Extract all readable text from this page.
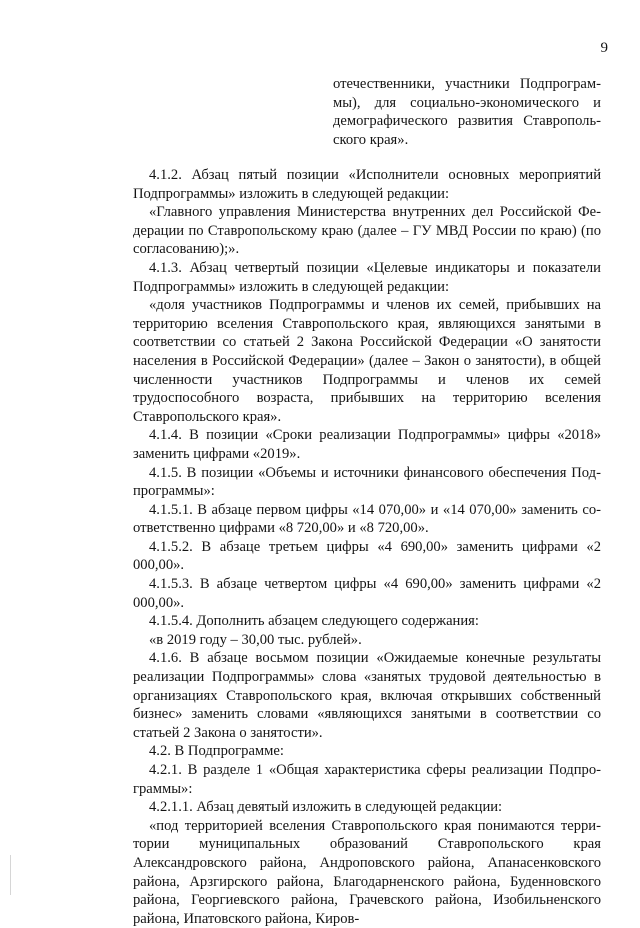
9
отечественники, участники Подпрограммы), для социально-экономического и демографического развития Ставропольского края».

4.1.2. Абзац пятый позиции «Исполнители основных мероприятий Подпрограммы» изложить в следующей редакции:

«Главного управления Министерства внутренних дел Российской Федерации по Ставропольскому краю (далее – ГУ МВД России по краю) (по согласованию);».

4.1.3. Абзац четвертый позиции «Целевые индикаторы и показатели Подпрограммы» изложить в следующей редакции:

«доля участников Подпрограммы и членов их семей, прибывших на территорию вселения Ставропольского края, являющихся занятыми в соответствии со статьей 2 Закона Российской Федерации «О занятости населения в Российской Федерации» (далее – Закон о занятости), в общей численности участников Подпрограммы и членов их семей трудоспособного возраста, прибывших на территорию вселения Ставропольского края».

4.1.4. В позиции «Сроки реализации Подпрограммы» цифры «2018» заменить цифрами «2019».

4.1.5. В позиции «Объемы и источники финансового обеспечения Подпрограммы»:

4.1.5.1. В абзаце первом цифры «14 070,00» и «14 070,00» заменить соответственно цифрами «8 720,00» и «8 720,00».

4.1.5.2. В абзаце третьем цифры «4 690,00» заменить цифрами «2 000,00».

4.1.5.3. В абзаце четвертом цифры «4 690,00» заменить цифрами «2 000,00».

4.1.5.4. Дополнить абзацем следующего содержания:

«в 2019 году – 30,00 тыс. рублей».

4.1.6. В абзаце восьмом позиции «Ожидаемые конечные результаты реализации Подпрограммы» слова «занятых трудовой деятельностью в организациях Ставропольского края, включая открывших собственный бизнес» заменить словами «являющихся занятыми в соответствии со статьей 2 Закона о занятости».

4.2. В Подпрограмме:

4.2.1. В разделе 1 «Общая характеристика сферы реализации Подпрограммы»:

4.2.1.1. Абзац девятый изложить в следующей редакции:

«под территорией вселения Ставропольского края понимаются территории муниципальных образований Ставропольского края Александровского района, Андроповского района, Апанасенковского района, Арзгирского района, Благодарненского района, Буденновского района, Георгиевского района, Грачевского района, Изобильненского района, Ипатовского района, Киров-
